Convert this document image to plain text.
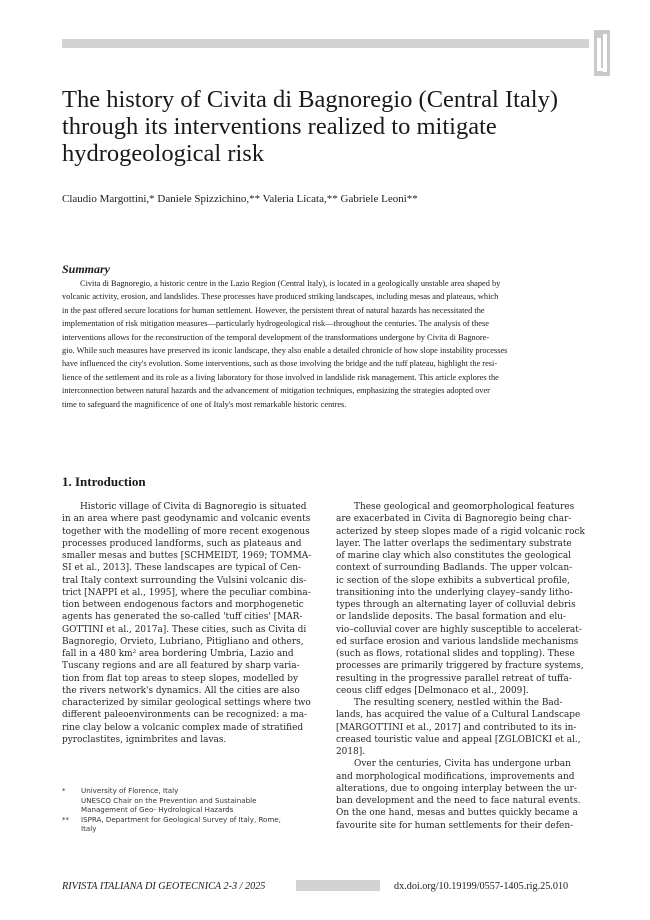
The history of Civita di Bagnoregio (Central Italy)
through its interventions realized to mitigate
hydrogeological risk
Claudio Margottini,* Daniele Spizzichino,** Valeria Licata,** Gabriele Leoni**
Summary
Civita di Bagnoregio, a historic centre in the Lazio Region (Central Italy), is located in a geologically unstable area shaped by
volcanic activity, erosion, and landslides. These processes have produced striking landscapes, including mesas and plateaus, which
in the past offered secure locations for human settlement. However, the persistent threat of natural hazards has necessitated the
implementation of risk mitigation measures—particularly hydrogeological risk—throughout the centuries. The analysis of these
interventions allows for the reconstruction of the temporal development of the transformations undergone by Civita di Bagnore-
gio. While such measures have preserved its iconic landscape, they also enable a detailed chronicle of how slope instability processes
have influenced the city's evolution. Some interventions, such as those involving the bridge and the tuff plateau, highlight the resi-
lience of the settlement and its role as a living laboratory for those involved in landslide risk management. This article explores the
interconnection between natural hazards and the advancement of mitigation techniques, emphasizing the strategies adopted over
time to safeguard the magnificence of one of Italy's most remarkable historic centres.
1. Introduction
Historic village of Civita di Bagnoregio is situated
in an area where past geodynamic and volcanic events
together with the modelling of more recent exogenous
processes produced landforms, such as plateaus and
smaller mesas and buttes [SCHMEIDT, 1969; TOMMA-
SI et al., 2013]. These landscapes are typical of Cen-
tral Italy context surrounding the Vulsini volcanic dis-
trict [NAPPI et al., 1995], where the peculiar combina-
tion between endogenous factors and morphogenetic
agents has generated the so-called 'tuff cities' [MAR-
GOTTINI et al., 2017a]. These cities, such as Civita di
Bagnoregio, Orvieto, Lubriano, Pitigliano and others,
fall in a 480 km² area bordering Umbria, Lazio and
Tuscany regions and are all featured by sharp varia-
tion from flat top areas to steep slopes, modelled by
the rivers network's dynamics. All the cities are also
characterized by similar geological settings where two
different paleoenvironments can be recognized: a ma-
rine clay below a volcanic complex made of stratified
pyroclastites, ignimbrites and lavas.
These geological and geomorphological features
are exacerbated in Civita di Bagnoregio being char-
acterized by steep slopes made of a rigid volcanic rock
layer. The latter overlaps the sedimentary substrate
of marine clay which also constitutes the geological
context of surrounding Badlands. The upper volcan-
ic section of the slope exhibits a subvertical profile,
transitioning into the underlying clayey–sandy litho-
types through an alternating layer of colluvial debris
or landslide deposits. The basal formation and elu-
vio–colluvial cover are highly susceptible to accelerat-
ed surface erosion and various landslide mechanisms
(such as flows, rotational slides and toppling). These
processes are primarily triggered by fracture systems,
resulting in the progressive parallel retreat of tuffa-
ceous cliff edges [Delmonaco et al., 2009].
The resulting scenery, nestled within the Bad-
lands, has acquired the value of a Cultural Landscape
[MARGOTTINI et al., 2017] and contributed to its in-
creased touristic value and appeal [ZGLOBICKI et al.,
2018].
Over the centuries, Civita has undergone urban
and morphological modifications, improvements and
alterations, due to ongoing interplay between the ur-
ban development and the need to face natural events.
On the one hand, mesas and buttes quickly became a
favourite site for human settlements for their defen-
*	University of Florence, Italy
UNESCO Chair on the Prevention and Sustainable
Management of Geo- Hydrological Hazards
**	ISPRA, Department for Geological Survey of Italy, Rome,
Italy
RIVISTA ITALIANA DI GEOTECNICA 2-3 / 2025	dx.doi.org/10.19199/0557-1405.rig.25.010
